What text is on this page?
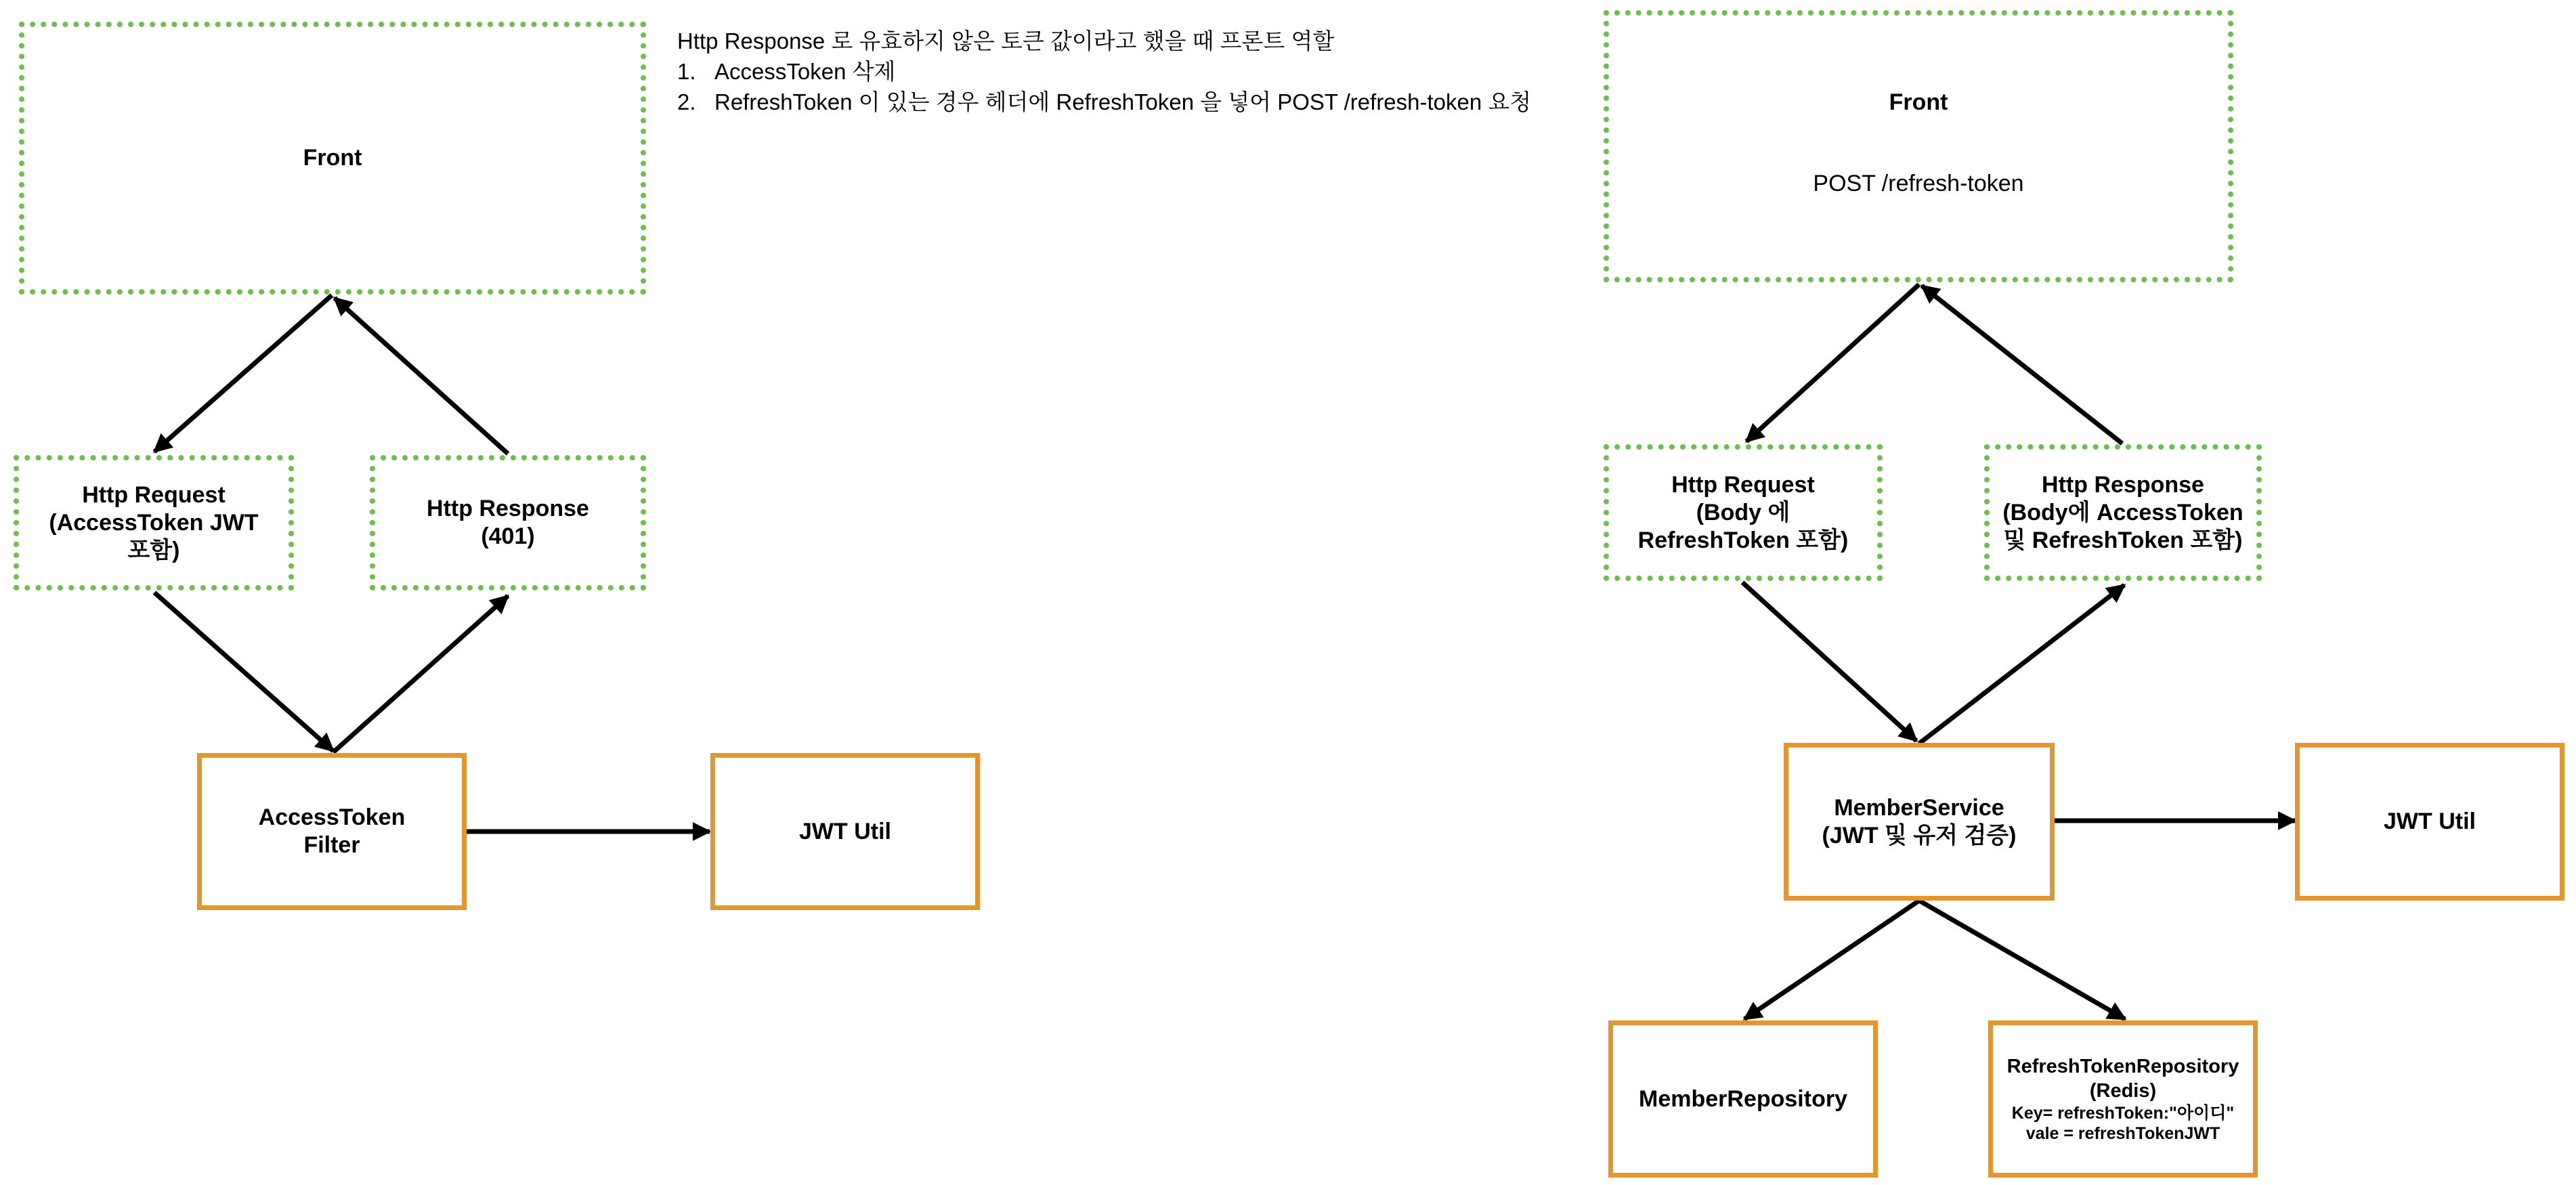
Http Response 로 유효하지 않은 토큰 값이라고 했을 때 프론트 역할
1. AccessToken 삭제
2. RefreshToken 이 있는 경우 헤더에 RefreshToken 을 넣어 POST /refresh-token 요청
Front
Http Request
(AccessToken JWT
포함)
Http Response
(401)
AccessToken
Filter
JWT Util
Front
POST /refresh-token
Http Request
(Body 에
RefreshToken 포함)
Http Response
(Body에 AccessToken
및 RefreshToken 포함)
MemberService
(JWT 및 유저 검증)
JWT Util
MemberRepository
RefreshTokenRepository
(Redis)
Key= refreshToken:"아이디"
vale = refreshTokenJWT
